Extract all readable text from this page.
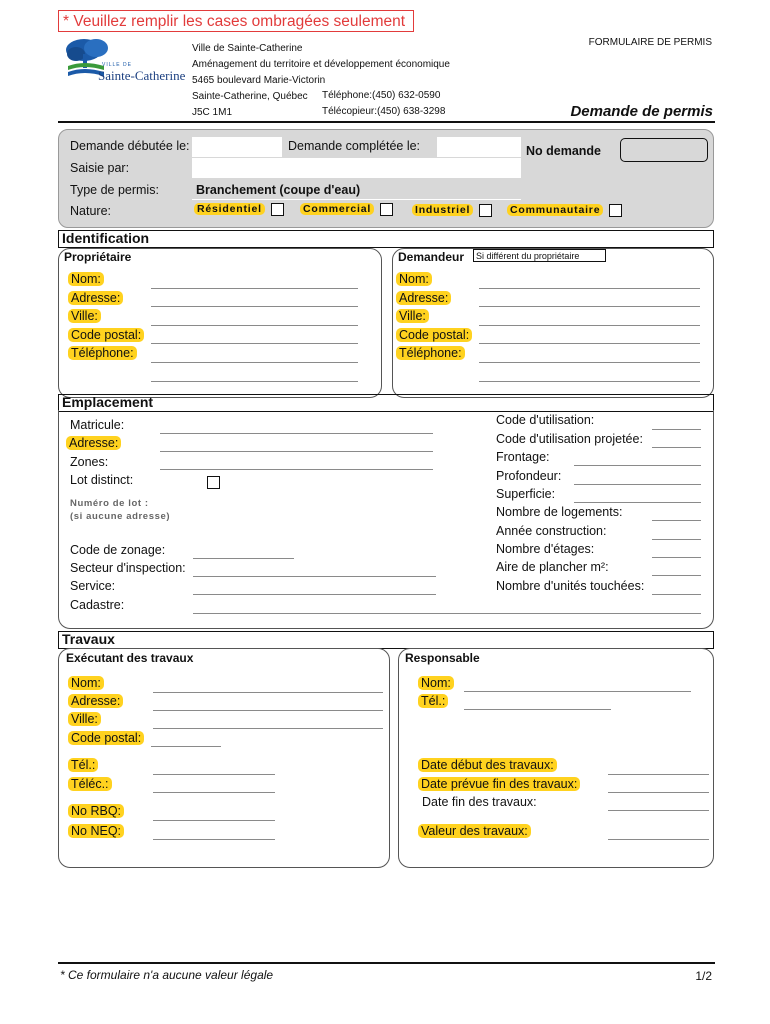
* Veuillez remplir les cases ombragées seulement
VILLE DE
Sainte-Catherine
Ville de Sainte-Catherine
Aménagement du territoire et développement économique
5465 boulevard Marie-Victorin
Sainte-Catherine, Québec
J5C 1M1
Téléphone:(450) 632-0590
Télécopieur:(450) 638-3298
FORMULAIRE DE PERMIS
Demande de permis
Demande débutée le:	Demande complétée le:	No demande
Saisie par:
Type de permis:	Branchement (coupe d'eau)
Nature:	Résidentiel	Commercial	Industriel	Communautaire
Identification
Propriétaire	Demandeur	Si différent du propriétaire
Nom:
Adresse:
Ville:
Code postal:
Téléphone:
Nom:
Adresse:
Ville:
Code postal:
Téléphone:
Emplacement
Matricule:
Adresse:
Zones:
Lot distinct:
Numéro de lot :
(si aucune adresse)
Code de zonage:
Secteur d'inspection:
Service:
Cadastre:
Code d'utilisation:
Code d'utilisation projetée:
Frontage:
Profondeur:
Superficie:
Nombre de logements:
Année construction:
Nombre d'étages:
Aire de plancher m²:
Nombre d'unités touchées:
Travaux
Exécutant des travaux	Responsable
Nom:
Adresse:
Ville:
Code postal:
Tél.:
Téléc.:
No RBQ:
No NEQ:
Nom:
Tél.:
Date début des travaux:
Date prévue fin des travaux:
Date fin des travaux:
Valeur des travaux:
* Ce formulaire n'a aucune valeur légale	1/2
